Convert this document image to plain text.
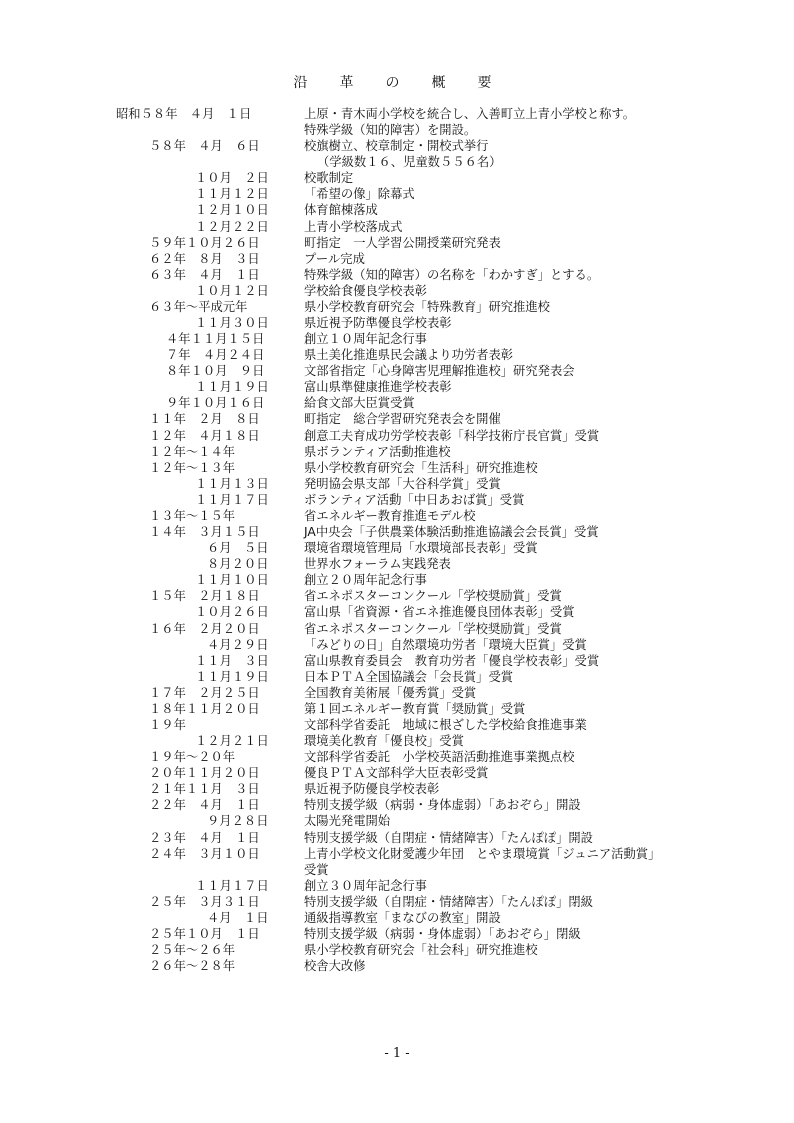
沿　革　の　概　要
昭和５８年　４月　１日	上原・青木両小学校を統合し、入善町立上青小学校と称す。
特殊学級（知的障害）を開設。
５８年　４月　６日	校旗樹立、校章制定・開校式挙行
（学級数１６、児童数５５６名）
１０月　２日	校歌制定
１１月１２日	「希望の像」除幕式
１２月１０日	体育館棟落成
１２月２２日	上青小学校落成式
５９年１０月２６日	町指定　一人学習公開授業研究発表
６２年　８月　３日	プール完成
６３年　４月　１日	特殊学級（知的障害）の名称を「わかすぎ」とする。
１０月１２日	学校給食優良学校表彰
６３年～平成元年	県小学校教育研究会「特殊教育」研究推進校
１１月３０日	県近視予防準優良学校表彰
４年１１月１５日	創立１０周年記念行事
７年　４月２４日	県土美化推進県民会議より功労者表彰
８年１０月　９日	文部省指定「心身障害児理解推進校」研究発表会
１１月１９日	富山県準健康推進学校表彰
９年１０月１６日	給食文部大臣賞受賞
１１年　２月　８日	町指定　総合学習研究発表会を開催
１２年　４月１８日	創意工夫育成功労学校表彰「科学技術庁長官賞」受賞
１２年～１４年	県ボランティア活動推進校
１２年～１３年	県小学校教育研究会「生活科」研究推進校
１１月１３日	発明協会県支部「大谷科学賞」受賞
１１月１７日	ボランティア活動「中日あおば賞」受賞
１３年～１５年	省エネルギー教育推進モデル校
１４年　３月１５日	JA中央会「子供農業体験活動推進協議会会長賞」受賞
６月　５日	環境省環境管理局「水環境部長表彰」受賞
８月２０日	世界水フォーラム実践発表
１１月１０日	創立２０周年記念行事
１５年　２月１８日	省エネポスターコンクール「学校奨励賞」受賞
１０月２６日	富山県「省資源・省エネ推進優良団体表彰」受賞
１６年　２月２０日	省エネポスターコンクール「学校奨励賞」受賞
４月２９日	「みどりの日」自然環境功労者「環境大臣賞」受賞
１１月　３日	富山県教育委員会　教育功労者「優良学校表彰」受賞
１１月１９日	日本ＰＴＡ全国協議会「会長賞」受賞
１７年　２月２５日	全国教育美術展「優秀賞」受賞
１８年１１月２０日	第１回エネルギー教育賞「奨励賞」受賞
１９年	文部科学省委託　地域に根ざした学校給食推進事業
１２月２１日	環境美化教育「優良校」受賞
１９年～２０年	文部科学省委託　小学校英語活動推進事業拠点校
２０年１１月２０日	優良ＰＴＡ文部科学大臣表彰受賞
２１年１１月　３日	県近視予防優良学校表彰
２２年　４月　１日	特別支援学級（病弱・身体虚弱）「あおぞら」開設
９月２８日	太陽光発電開始
２３年　４月　１日	特別支援学級（自閉症・情緒障害）「たんぽぽ」開設
２４年　３月１０日	上青小学校文化財愛護少年団　とやま環境賞「ジュニア活動賞」
受賞
１１月１７日	創立３０周年記念行事
２５年　３月３１日	特別支援学級（自閉症・情緒障害）「たんぽぽ」閉級
４月　１日	通級指導教室「まなびの教室」開設
２５年１０月　１日	特別支援学級（病弱・身体虚弱）「あおぞら」閉級
２５年～２６年	県小学校教育研究会「社会科」研究推進校
２６年～２８年	校舎大改修
- 1 -
